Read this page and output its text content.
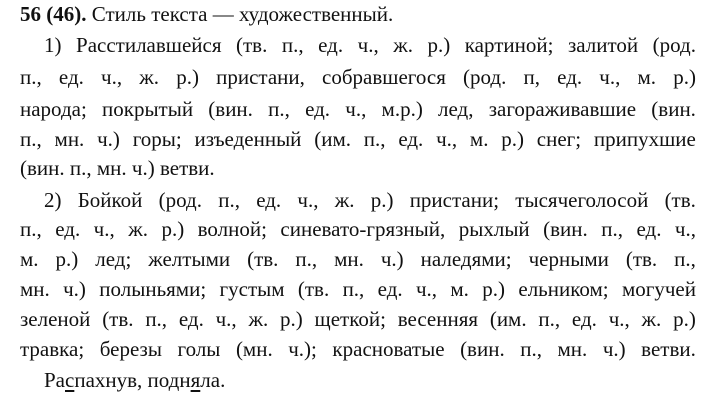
56 (46). Стиль текста — художественный.
1) Расстилавшейся (тв. п., ед. ч., ж. р.) картиной; залитой (род.
п., ед. ч., ж. р.) пристани, собравшегося (род. п, ед. ч., м. р.)
народа; покрытый (вин. п., ед. ч., м.р.) лед, загораживавшие (вин.
п., мн. ч.) горы; изъеденный (им. п., ед. ч., м. р.) снег; припухшие
(вин. п., мн. ч.) ветви.
2) Бойкой (род. п., ед. ч., ж. р.) пристани; тысячеголосой (тв.
п., ед. ч., ж. р.) волной; синевато-грязный, рыхлый (вин. п., ед. ч.,
м. р.) лед; желтыми (тв. п., мн. ч.) наледями; черными (тв. п.,
мн. ч.) полыньями; густым (тв. п., ед. ч., м. р.) ельником; могучей
зеленой (тв. п., ед. ч., ж. р.) щеткой; весенняя (им. п., ед. ч., ж. р.)
травка; березы голы (мн. ч.); красноватые (вин. п., мн. ч.) ветви.
Распахнув, подняла.
